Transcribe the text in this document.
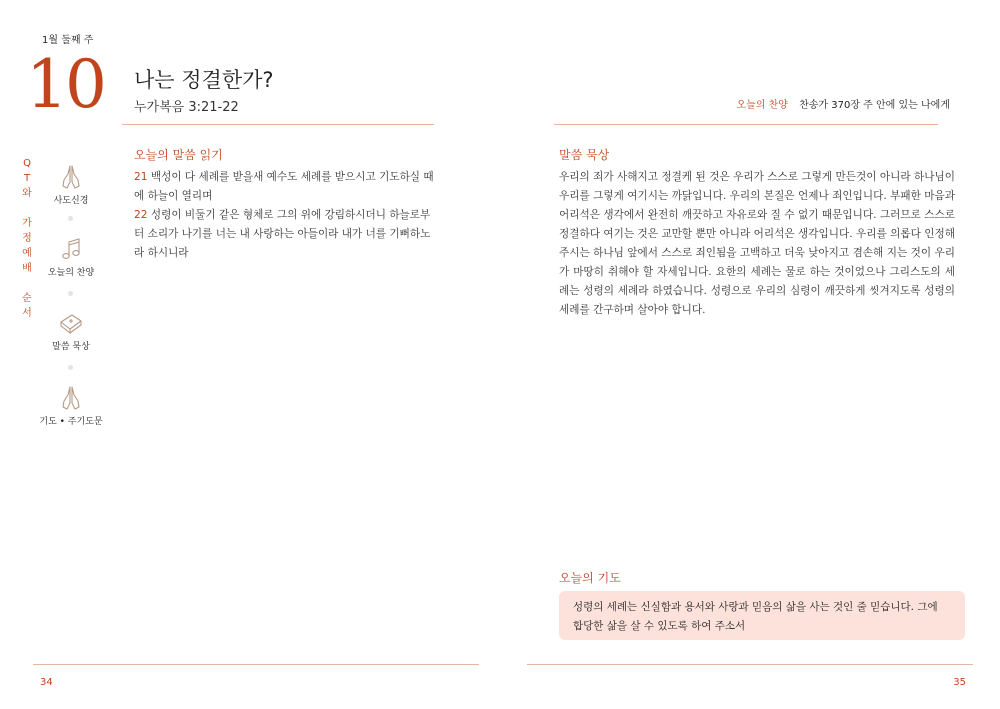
1월 둘째 주
10 나는 정결한가?
누가복음 3:21-22	오늘의 찬양 찬송가 370장 주 안에 있는 나에게
Q
T
와

가
정
예
배

순
서
사도신경
오늘의 찬양
말씀 묵상
기도 • 주기도문
오늘의 말씀 읽기
21 백성이 다 세례를 받을새 예수도 세례를 받으시고 기도하실 때에 하늘이 열리며
22 성령이 비둘기 같은 형체로 그의 위에 강림하시더니 하늘로부터 소리가 나기를 너는 내 사랑하는 아들이라 내가 너를 기뻐하노라 하시니라
말씀 묵상
우리의 죄가 사해지고 정결케 된 것은 우리가 스스로 그렇게 만든것이 아니라 하나님이 우리를 그렇게 여기시는 까닭입니다. 우리의 본질은 언제나 죄인입니다. 부패한 마음과 어리석은 생각에서 완전히 깨끗하고 자유로와 질 수 없기 때문입니다. 그러므로 스스로 정결하다 여기는 것은 교만할 뿐만 아니라 어리석은 생각입니다. 우리를 의롭다 인정해 주시는 하나님 앞에서 스스로 죄인됨을 고백하고 더욱 낮아지고 겸손해 지는 것이 우리가 마땅히 취해야 할 자세입니다. 요한의 세례는 물로 하는 것이었으나 그리스도의 세례는 성령의 세례라 하였습니다. 성령으로 우리의 심령이 깨끗하게 씻겨지도록 성령의 세례를 간구하며 살아야 합니다.
오늘의 기도
성령의 세례는 신실함과 용서와 사랑과 믿음의 삶을 사는 것인 줄 믿습니다. 그에 합당한 삶을 살 수 있도록 하여 주소서
34	35
